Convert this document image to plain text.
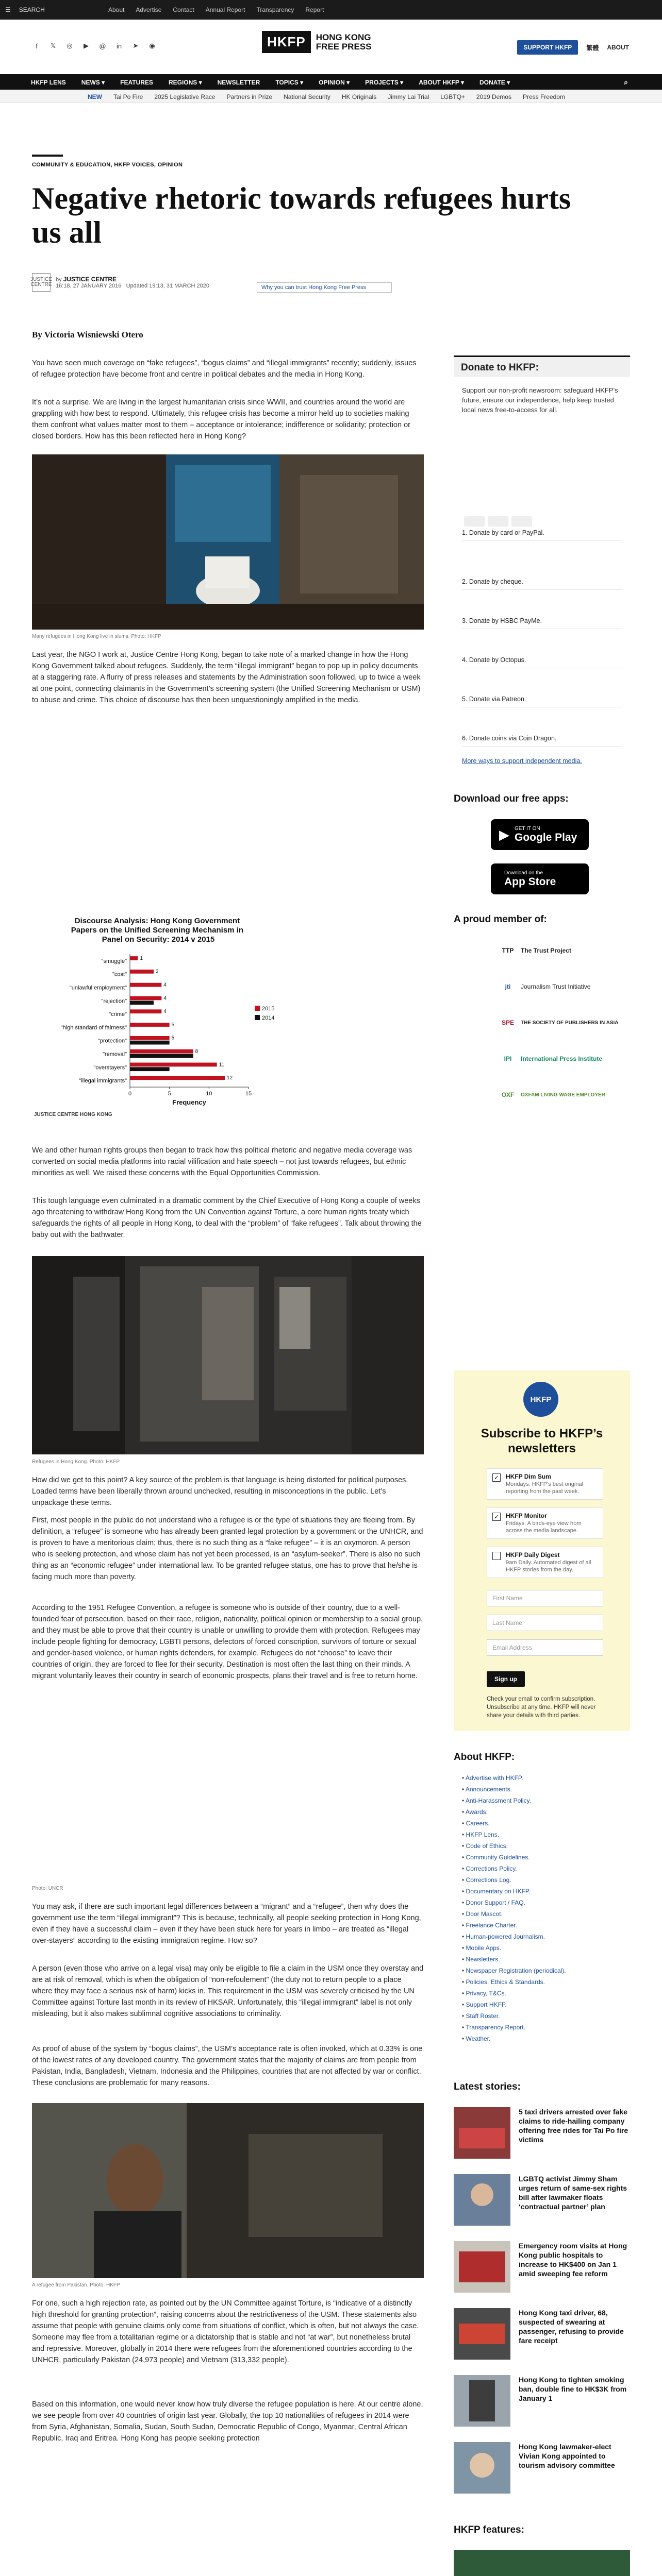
☰ SEARCH	About Advertise Contact Annual Report Transparency Report
f	𝕏	◎	▶	@	in	➤	◉	HKFP	HONG KONG
FREE PRESS	SUPPORT HKFP	繁體 ABOUT
HKFP LENS	NEWS ▾	FEATURES	REGIONS ▾	NEWSLETTER	TOPICS ▾	OPINION ▾	PROJECTS ▾	ABOUT HKFP ▾	DONATE ▾	⌕
NEW Tai Po Fire 2025 Legislative Race Partners in Prize National Security HK Originals Jimmy Lai Trial LGBTQ+ 2019 Demos Press Freedom
COMMUNITY & EDUCATION, HKFP VOICES, OPINION
Negative rhetoric towards refugees hurts us all
JUSTICE CENTRE
by JUSTICE CENTRE
16:18, 27 JANUARY 2016 Updated 19:13, 31 MARCH 2020	Why you can trust Hong Kong Free Press
By Victoria Wisniewski Otero

You have seen much coverage on “fake refugees”, “bogus claims” and “illegal immigrants” recently; suddenly, issues of refugee protection have become front and centre in political debates and the media in Hong Kong.

It’s not a surprise. We are living in the largest humanitarian crisis since WWII, and countries around the world are grappling with how best to respond. Ultimately, this refugee crisis has become a mirror held up to societies making them confront what values matter most to them – acceptance or intolerance; indifference or solidarity; protection or closed borders. How has this been reflected here in Hong Kong?

Many refugees in Hong Kong live in slums. Photo: HKFP

Last year, the NGO I work at, Justice Centre Hong Kong, began to take note of a marked change in how the Hong Kong Government talked about refugees. Suddenly, the term “illegal immigrant” began to pop up in policy documents at a staggering rate. A flurry of press releases and statements by the Administration soon followed, up to twice a week at one point, connecting claimants in the Government’s screening system (the Unified Screening Mechanism or USM) to abuse and crime. This choice of discourse has then been unquestioningly amplified in the media.

Discourse Analysis: Hong Kong Government Papers on the Unified Screening Mechanism in Panel on Security: 2014 v 2015
0	5	10	15
Frequency
"smuggle"	1
"cost"	3
"unlawful employment"	4
"rejection"	4
"crime"	4
"high standard of fairness"	5
"protection"	5
"removal"	8
"overstayers"	11
"illegal immigrants"	12
2015
2014
JUSTICE CENTRE HONG KONG

We and other human rights groups then began to track how this political rhetoric and negative media coverage was converted on social media platforms into racial vilification and hate speech – not just towards refugees, but ethnic minorities as well. We raised these concerns with the Equal Opportunities Commission.

This tough language even culminated in a dramatic comment by the Chief Executive of Hong Kong a couple of weeks ago threatening to withdraw Hong Kong from the UN Convention against Torture, a core human rights treaty which safeguards the rights of all people in Hong Kong, to deal with the “problem” of “fake refugees”. Talk about throwing the baby out with the bathwater.

Refugees in Hong Kong. Photo: HKFP

How did we get to this point? A key source of the problem is that language is being distorted for political purposes. Loaded terms have been liberally thrown around unchecked, resulting in misconceptions in the public. Let’s unpackage these terms.

First, most people in the public do not understand who a refugee is or the type of situations they are fleeing from. By definition, a “refugee” is someone who has already been granted legal protection by a government or the UNHCR, and is proven to have a meritorious claim; thus, there is no such thing as a “fake refugee” – it is an oxymoron. A person who is seeking protection, and whose claim has not yet been processed, is an “asylum-seeker”. There is also no such thing as an “economic refugee” under international law. To be granted refugee status, one has to prove that he/she is facing much more than poverty.

According to the 1951 Refugee Convention, a refugee is someone who is outside of their country, due to a well-founded fear of persecution, based on their race, religion, nationality, political opinion or membership to a social group, and they must be able to prove that their country is unable or unwilling to provide them with protection. Refugees may include people fighting for democracy, LGBTI persons, defectors of forced conscription, survivors of torture or sexual and gender-based violence, or human rights defenders, for example. Refugees do not “choose” to leave their countries of origin, they are forced to flee for their security. Destination is most often the last thing on their minds. A migrant voluntarily leaves their country in search of economic prospects, plans their travel and is free to return home.

Photo: UNCR

You may ask, if there are such important legal differences between a “migrant” and a “refugee”, then why does the government use the term “illegal immigrant”? This is because, technically, all people seeking protection in Hong Kong, even if they have a successful claim – even if they have been stuck here for years in limbo – are treated as “illegal over-stayers” according to the existing immigration regime. How so?

A person (even those who arrive on a legal visa) may only be eligible to file a claim in the USM once they overstay and are at risk of removal, which is when the obligation of “non-refoulement” (the duty not to return people to a place where they may face a serious risk of harm) kicks in. This requirement in the USM was severely criticised by the UN Committee against Torture last month in its review of HKSAR. Unfortunately, this “illegal immigrant” label is not only misleading, but it also makes sublimnal cognitive associations to criminality.

As proof of abuse of the system by “bogus claims”, the USM’s acceptance rate is often invoked, which at 0.33% is one of the lowest rates of any developed country. The government states that the majority of claims are from people from Pakistan, India, Bangladesh, Vietnam, Indonesia and the Philippines, countries that are not affected by war or conflict. These conclusions are problematic for many reasons.

A refugee from Pakistan. Photo: HKFP

For one, such a high rejection rate, as pointed out by the UN Committee against Torture, is “indicative of a distinctly high threshold for granting protection”, raising concerns about the restrictiveness of the USM. These statements also assume that people with genuine claims only come from situations of conflict, which is often, but not always the case. Someone may flee from a totalitarian regime or a dictatorship that is stable and not “at war”, but nonetheless brutal and repressive. Moreover, globally in 2014 there were refugees from the aforementioned countries according to the UNHCR, particularly Pakistan (24,973 people) and Vietnam (313,332 people).

Based on this information, one would never know how truly diverse the refugee population is here. At our centre alone, we see people from over 40 countries of origin last year. Globally, the top 10 nationalities of refugees in 2014 were from Syria, Afghanistan, Somalia, Sudan, South Sudan, Democratic Republic of Congo, Myanmar, Central African Republic, Iraq and Eritrea. Hong Kong has people seeking protection

Donate to HKFP:
Support our non-profit newsroom: safeguard HKFP’s future, ensure our independence, help keep trusted local news free-to-access for all.
1. Donate by card or PayPal.
2. Donate by cheque.
3. Donate by HSBC PayMe.
4. Donate by Octopus.
5. Donate via Patreon.
6. Donate coins via Coin Dragon.
More ways to support independent media.
Download our free apps:
▶ GET IT ON
Google Play
Download on the
App Store
A proud member of:
TTP	The Trust Project
jti	Journalism Trust Initiative
SPE	THE SOCIETY OF PUBLISHERS IN ASIA
IPI	International Press Institute
OXF	OXFAM LIVING WAGE EMPLOYER
HKFP
Subscribe to HKFP’s newsletters
✓ HKFP Dim Sum
Mondays. HKFP's best original reporting from the past week.
✓ HKFP Monitor
Fridays. A birds-eye view from across the media landscape.
HKFP Daily Digest
9am Daily. Automated digest of all HKFP stories from the day.
First Name
Last Name
Email Address
Sign up
Check your email to confirm subscription. Unsubscribe at any time. HKFP will never share your details with third parties.
About HKFP:
• Advertise with HKFP.
• Announcements.
• Anti-Harassment Policy.
• Awards.
• Careers.
• HKFP Lens.
• Code of Ethics.
• Community Guidelines.
• Corrections Policy.
• Corrections Log.
• Documentary on HKFP.
• Donor Support / FAQ.
• Door Mascot.
• Freelance Charter.
• Human-powered Journalism.
• Mobile Apps.
• Newsletters.
• Newspaper Registration (periodical).
• Policies, Ethics & Standards.
• Privacy, T&Cs.
• Support HKFP.
• Staff Roster.
• Transparency Report.
• Weather.
Latest stories:
5 taxi drivers arrested over fake claims to ride-hailing company offering free rides for Tai Po fire victims
LGBTQ activist Jimmy Sham urges return of same-sex rights bill after lawmaker floats ‘contractual partner’ plan
Emergency room visits at Hong Kong public hospitals to increase to HK$400 on Jan 1 amid sweeping fee reform
Hong Kong taxi driver, 68, suspected of swearing at passenger, refusing to provide fare receipt
Hong Kong to tighten smoking ban, double fine to HK$3K from January 1
Hong Kong lawmaker-elect Vivian Kong appointed to tourism advisory committee
HKFP features:
